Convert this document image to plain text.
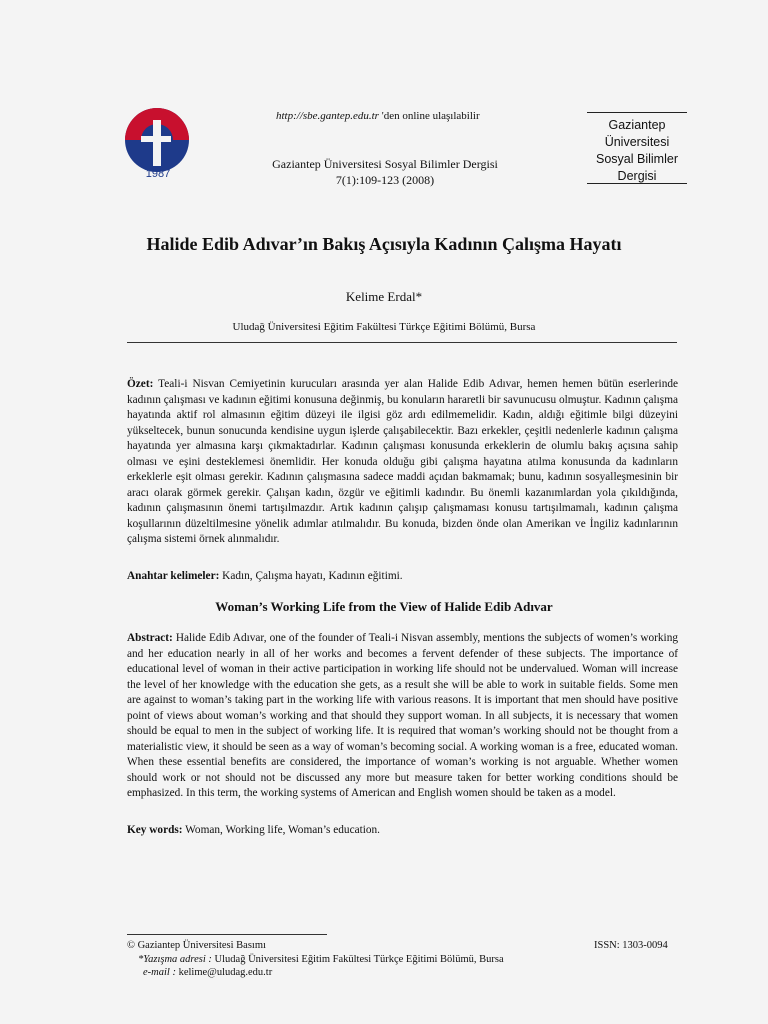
1987
http://sbe.gantep.edu.tr 'den online ulaşılabilir
Gaziantep Üniversitesi Sosyal Bilimler Dergisi
7(1):109-123 (2008)
Gaziantep
Üniversitesi
Sosyal Bilimler
Dergisi
Halide Edib Adıvar’ın Bakış Açısıyla Kadının Çalışma Hayatı
Kelime Erdal*
Uludağ Üniversitesi Eğitim Fakültesi Türkçe Eğitimi Bölümü, Bursa
Özet: Teali-i Nisvan Cemiyetinin kurucuları arasında yer alan Halide Edib Adıvar, hemen hemen bütün eserlerinde kadının çalışması ve kadının eğitimi konusuna değinmiş, bu konuların hararetli bir savunucusu olmuştur. Kadının çalışma hayatında aktif rol almasının eğitim düzeyi ile ilgisi göz ardı edilmemelidir. Kadın, aldığı eğitimle bilgi düzeyini yükseltecek, bunun sonucunda kendisine uygun işlerde çalışabilecektir. Bazı erkekler, çeşitli nedenlerle kadının çalışma hayatında yer almasına karşı çıkmaktadırlar. Kadının çalışması konusunda erkeklerin de olumlu bakış açısına sahip olması ve eşini desteklemesi önemlidir. Her konuda olduğu gibi çalışma hayatına atılma konusunda da kadınların erkeklerle eşit olması gerekir. Kadının çalışmasına sadece maddi açıdan bakmamak; bunu, kadının sosyalleşmesinin bir aracı olarak görmek gerekir. Çalışan kadın, özgür ve eğitimli kadındır. Bu önemli kazanımlardan yola çıkıldığında, kadının çalışmasının önemi tartışılmazdır. Artık kadının çalışıp çalışmaması konusu tartışılmamalı, kadının çalışma koşullarının düzeltilmesine yönelik adımlar atılmalıdır. Bu konuda, bizden önde olan Amerikan ve İngiliz kadınlarının çalışma sistemi örnek alınmalıdır.
Anahtar kelimeler: Kadın, Çalışma hayatı, Kadının eğitimi.
Woman’s Working Life from the View of Halide Edib Adıvar
Abstract: Halide Edib Adıvar, one of the founder of Teali-i Nisvan assembly, mentions the subjects of women’s working and her education nearly in all of her works and becomes a fervent defender of these subjects. The importance of educational level of woman in their active participation in working life should not be undervalued. Woman will increase the level of her knowledge with the education she gets, as a result she will be able to work in suitable fields. Some men are against to woman’s taking part in the working life with various reasons. It is important that men should have positive point of views about woman’s working and that should they support woman. In all subjects, it is necessary that women should be equal to men in the subject of working life. It is required that woman’s working should not be thought from a materialistic view, it should be seen as a way of woman’s becoming social. A working woman is a free, educated woman. When these essential benefits are considered, the importance of woman’s working is not arguable. Whether women should work or not should not be discussed any more but measure taken for better working conditions should be emphasized. In this term, the working systems of American and English women should be taken as a model.
Key words: Woman, Working life, Woman’s education.
© Gaziantep Üniversitesi Basımı	ISSN: 1303-0094
*Yazışma adresi : Uludağ Üniversitesi Eğitim Fakültesi Türkçe Eğitimi Bölümü, Bursa
e-mail : kelime@uludag.edu.tr
